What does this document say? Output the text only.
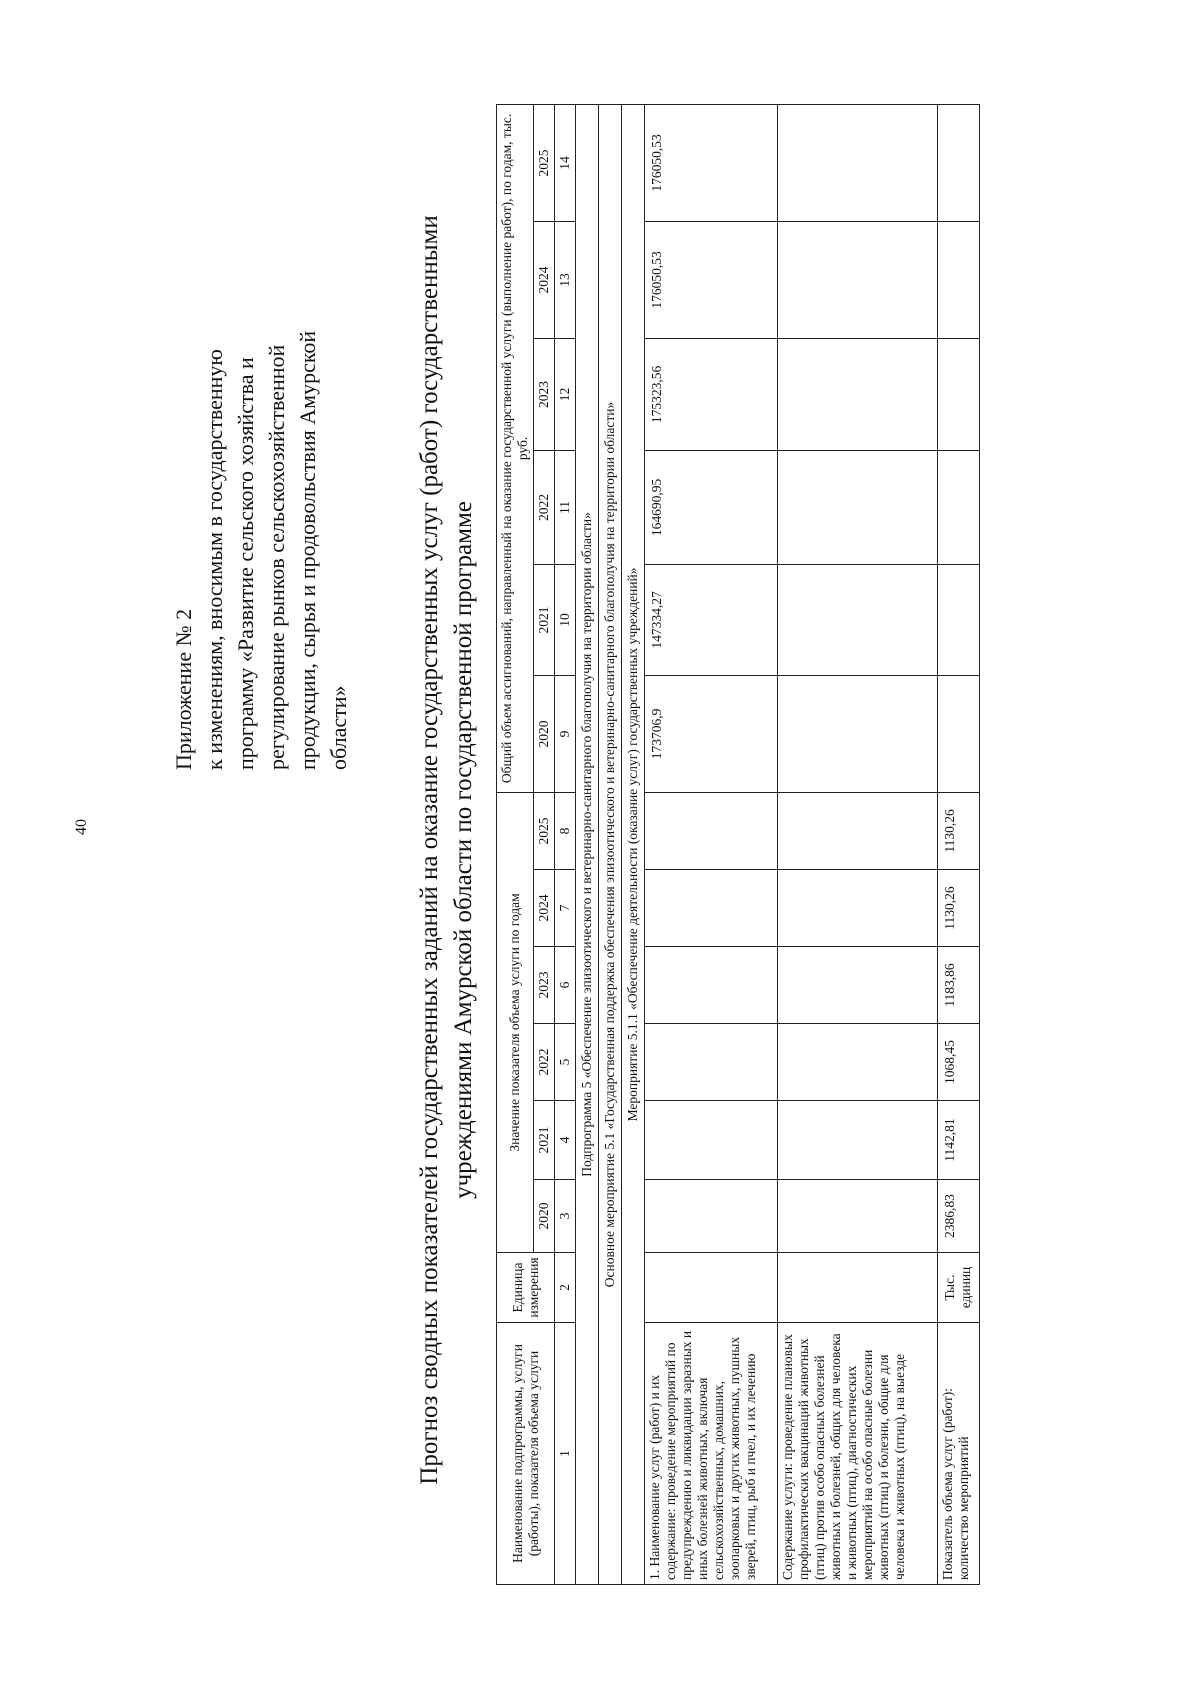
40
Приложение № 2 к изменениям, вносимым в государственную программу «Развитие сельского хозяйства и регулирование рынков сельскохозяйственной продукции, сырья и продовольствия Амурской области»	Прогноз сводных показателей государственных заданий на оказание государственных услуг (работ) государственными учреждениями Амурской области по государственной программе
Наименование подпрограммы, услуги (работы), показателя объема услуги	Единица измерения	Значение показателя объема услуги по годам						Общий объем ассигнований, направленный на оказание государственной услуги (выполнение работ), по годам, тыс. руб.					
		2020	2021	2022	2023	2024	2025	2020	2021	2022	2023	2024	2025
1	2	3	4	5	6	7	8	9	10	11	12	13	14
Подпрограмма 5 «Обеспечение эпизоотического и ветеринарно-санитарного благополучия на территории области»													
Основное мероприятие 5.1 «Государственная поддержка обеспечения эпизоотического и ветеринарно-санитарного благополучия на территории области»													
Мероприятие 5.1.1 «Обеспечение деятельности (оказание услуг) государственных учреждений»													
1. Наименование услуг (работ) и их содержание: проведение мероприятий по предупреждению и ликвидации заразных и иных болезней животных, включая сельскохозяйственных, домашних, зоопарковых и других животных, пушных зверей, птиц, рыб и пчел, и их лечению								173706,9	147334,27	164690,95	175323,56	176050,53	176050,53
Содержание услуги: проведение плановых профилактических вакцинаций животных (птиц) против особо опасных болезней животных и болезней, общих для человека и животных (птиц), диагностических мероприятий на особо опасные болезни животных (птиц) и болезни, общие для человека и животных (птиц), на выезде													
Показатель объема услуг (работ): количество мероприятий	Тыс. единиц	2386,83	1142,81	1068,45	1183,86	1130,26	1130,26						
